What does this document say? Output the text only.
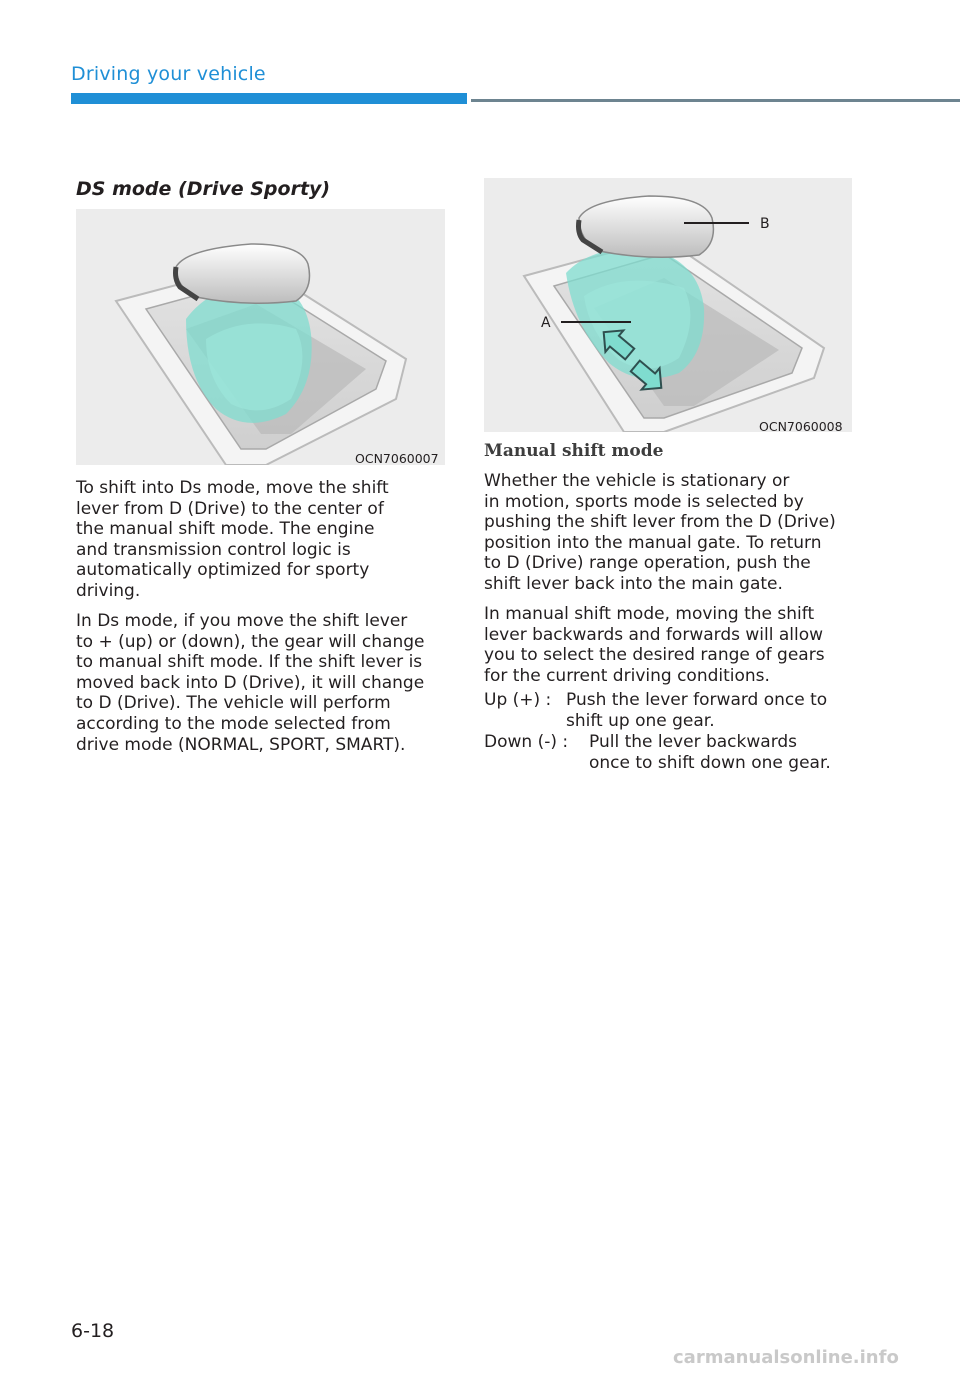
Driving your vehicle
DS mode (Drive Sporty)
OCN7060007
To shift into Ds mode, move the shift
lever from D (Drive) to the center of
the manual shift mode. The engine
and transmission control logic is
automatically optimized for sporty
driving.
In Ds mode, if you move the shift lever
to + (up) or (down), the gear will change
to manual shift mode. If the shift lever is
moved back into D (Drive), it will change
to D (Drive). The vehicle will perform
according to the mode selected from
drive mode (NORMAL, SPORT, SMART).
B
A
OCN7060008
Manual shift mode
Whether the vehicle is stationary or
in motion, sports mode is selected by
pushing the shift lever from the D (Drive)
position into the manual gate. To return
to D (Drive) range operation, push the
shift lever back into the main gate.
In manual shift mode, moving the shift
lever backwards and forwards will allow
you to select the desired range of gears
for the current driving conditions.
Up (+) : Push the lever forward once to
shift up one gear.
Down (-) : Pull the lever backwards
once to shift down one gear.
6-18
carmanualsonline.info
